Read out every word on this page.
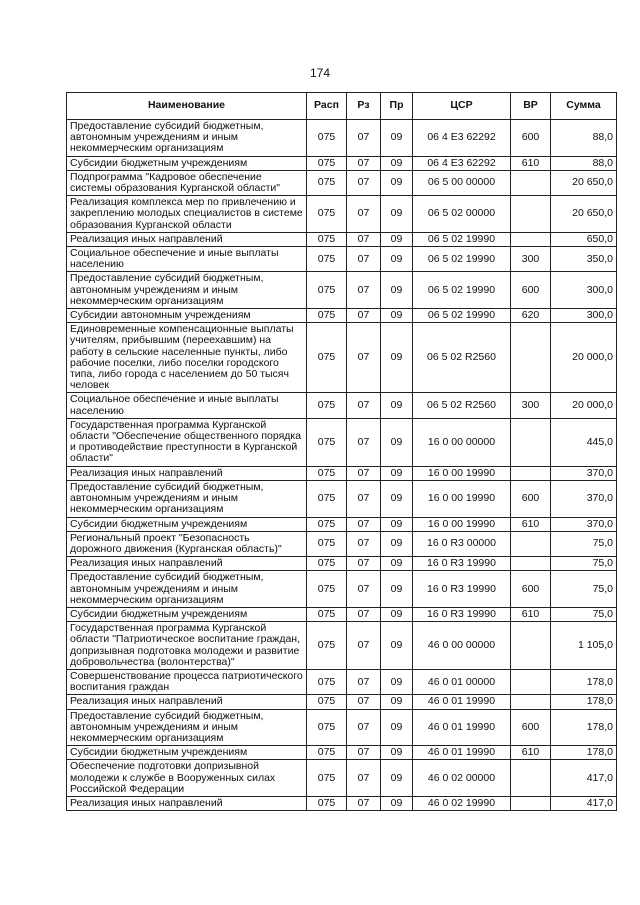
174
Наименование	Расп	Рз	Пр	ЦСР	ВР	Сумма
Предоставление субсидий бюджетным, автономным учреждениям и иным некоммерческим организациям	075	07	09	06 4 E3 62292	600	88,0
Субсидии бюджетным учреждениям	075	07	09	06 4 E3 62292	610	88,0
Подпрограмма "Кадровое обеспечение системы образования Курганской области"	075	07	09	06 5 00 00000		20 650,0
Реализация комплекса мер по привлечению и закреплению молодых специалистов в системе образования Курганской области	075	07	09	06 5 02 00000		20 650,0
Реализация иных направлений	075	07	09	06 5 02 19990		650,0
Социальное обеспечение и иные выплаты населению	075	07	09	06 5 02 19990	300	350,0
Предоставление субсидий бюджетным, автономным учреждениям и иным некоммерческим организациям	075	07	09	06 5 02 19990	600	300,0
Субсидии автономным учреждениям	075	07	09	06 5 02 19990	620	300,0
Единовременные компенсационные выплаты учителям, прибывшим (переехавшим) на работу в сельские населенные пункты, либо рабочие поселки, либо поселки городского типа, либо города с населением до 50 тысяч человек	075	07	09	06 5 02 R2560		20 000,0
Социальное обеспечение и иные выплаты населению	075	07	09	06 5 02 R2560	300	20 000,0
Государственная программа Курганской области "Обеспечение общественного порядка и противодействие преступности в Курганской области"	075	07	09	16 0 00 00000		445,0
Реализация иных направлений	075	07	09	16 0 00 19990		370,0
Предоставление субсидий бюджетным, автономным учреждениям и иным некоммерческим организациям	075	07	09	16 0 00 19990	600	370,0
Субсидии бюджетным учреждениям	075	07	09	16 0 00 19990	610	370,0
Региональный проект "Безопасность дорожного движения (Курганская область)"	075	07	09	16 0 R3 00000		75,0
Реализация иных направлений	075	07	09	16 0 R3 19990		75,0
Предоставление субсидий бюджетным, автономным учреждениям и иным некоммерческим организациям	075	07	09	16 0 R3 19990	600	75,0
Субсидии бюджетным учреждениям	075	07	09	16 0 R3 19990	610	75,0
Государственная программа Курганской области "Патриотическое воспитание граждан, допризывная подготовка молодежи и развитие добровольчества (волонтерства)"	075	07	09	46 0 00 00000		1 105,0
Совершенствование процесса патриотического воспитания граждан	075	07	09	46 0 01 00000		178,0
Реализация иных направлений	075	07	09	46 0 01 19990		178,0
Предоставление субсидий бюджетным, автономным учреждениям и иным некоммерческим организациям	075	07	09	46 0 01 19990	600	178,0
Субсидии бюджетным учреждениям	075	07	09	46 0 01 19990	610	178,0
Обеспечение подготовки допризывной молодежи к службе в Вооруженных силах Российской Федерации	075	07	09	46 0 02 00000		417,0
Реализация иных направлений	075	07	09	46 0 02 19990		417,0
